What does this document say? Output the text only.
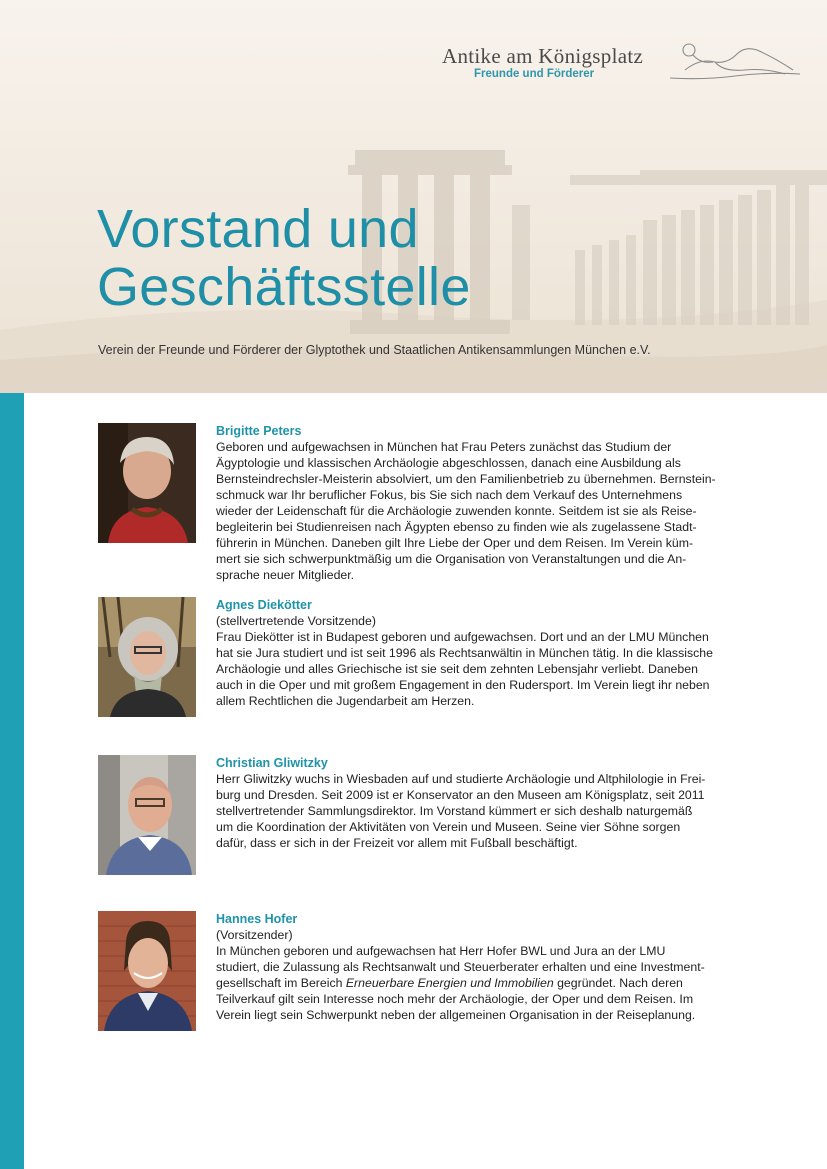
Antike am Königsplatz
Freunde und Förderer
Vorstand und
Geschäftsstelle
Verein der Freunde und Förderer der Glyptothek und Staatlichen Antikensammlungen München e.V.
Brigitte Peters

Geboren und aufgewachsen in München hat Frau Peters zunächst das Studium der
Ägyptologie und klassischen Archäologie abgeschlossen, danach eine Ausbildung als
Bernsteindrechsler-Meisterin absolviert, um den Familienbetrieb zu übernehmen. Bernstein-
schmuck war Ihr beruflicher Fokus, bis Sie sich nach dem Verkauf des Unternehmens
wieder der Leidenschaft für die Archäologie zuwenden konnte. Seitdem ist sie als Reise-
begleiterin bei Studienreisen nach Ägypten ebenso zu finden wie als zugelassene Stadt-
führerin in München. Daneben gilt Ihre Liebe der Oper und dem Reisen. Im Verein küm-
mert sie sich schwerpunktmäßig um die Organisation von Veranstaltungen und die An-
sprache neuer Mitglieder.

Agnes Diekötter
(stellvertretende Vorsitzende)

Frau Diekötter ist in Budapest geboren und aufgewachsen. Dort und an der LMU München
hat sie Jura studiert und ist seit 1996 als Rechtsanwältin in München tätig. In die klassische
Archäologie und alles Griechische ist sie seit dem zehnten Lebensjahr verliebt. Daneben
auch in die Oper und mit großem Engagement in den Rudersport. Im Verein liegt ihr neben
allem Rechtlichen die Jugendarbeit am Herzen.

Christian Gliwitzky

Herr Gliwitzky wuchs in Wiesbaden auf und studierte Archäologie und Altphilologie in Frei-
burg und Dresden. Seit 2009 ist er Konservator an den Museen am Königsplatz, seit 2011
stellvertretender Sammlungsdirektor. Im Vorstand kümmert er sich deshalb naturgemäß
um die Koordination der Aktivitäten von Verein und Museen. Seine vier Söhne sorgen
dafür, dass er sich in der Freizeit vor allem mit Fußball beschäftigt.

Hannes Hofer
(Vorsitzender)

In München geboren und aufgewachsen hat Herr Hofer BWL und Jura an der LMU
studiert, die Zulassung als Rechtsanwalt und Steuerberater erhalten und eine Investment-
gesellschaft im Bereich Erneuerbare Energien und Immobilien gegründet. Nach deren
Teilverkauf gilt sein Interesse noch mehr der Archäologie, der Oper und dem Reisen. Im
Verein liegt sein Schwerpunkt neben der allgemeinen Organisation in der Reiseplanung.
